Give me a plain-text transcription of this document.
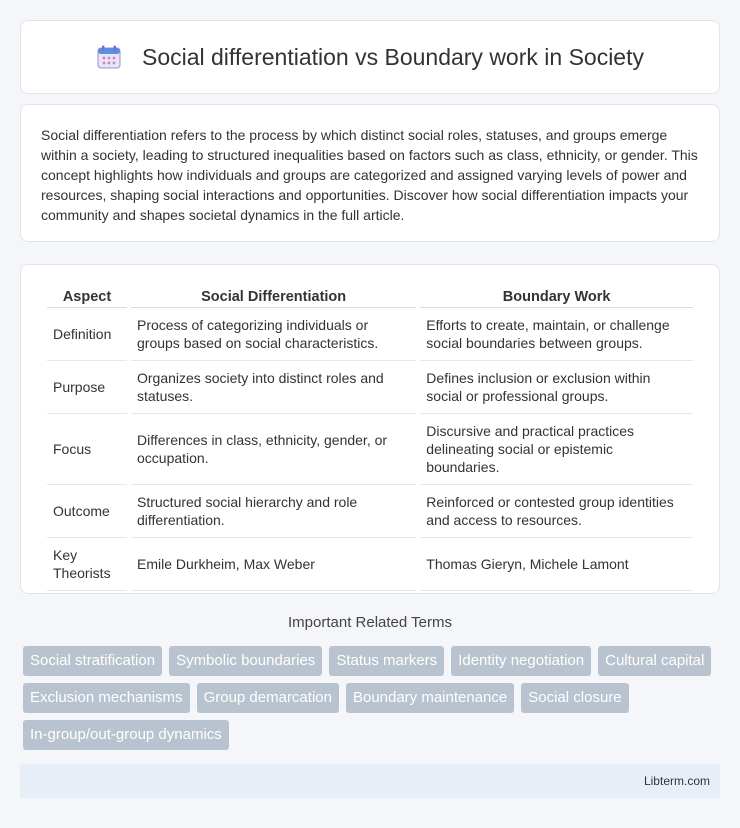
Social differentiation vs Boundary work in Society

Social differentiation refers to the process by which distinct social roles, statuses, and groups emerge within a society, leading to structured inequalities based on factors such as class, ethnicity, or gender. This concept highlights how individuals and groups are categorized and assigned varying levels of power and resources, shaping social interactions and opportunities. Discover how social differentiation impacts your community and shapes societal dynamics in the full article.

Aspect	Social Differentiation	Boundary Work
Definition	Process of categorizing individuals or groups based on social characteristics.	Efforts to create, maintain, or challenge social boundaries between groups.
Purpose	Organizes society into distinct roles and statuses.	Defines inclusion or exclusion within social or professional groups.
Focus	Differences in class, ethnicity, gender, or occupation.	Discursive and practical practices delineating social or epistemic boundaries.
Outcome	Structured social hierarchy and role differentiation.	Reinforced or contested group identities and access to resources.
Key Theorists	Emile Durkheim, Max Weber	Thomas Gieryn, Michele Lamont
Important Related Terms
Social stratification	Symbolic boundaries	Status markers	Identity negotiation	Cultural capital
Exclusion mechanisms	Group demarcation	Boundary maintenance	Social closure
In-group/out-group dynamics
Libterm.com
